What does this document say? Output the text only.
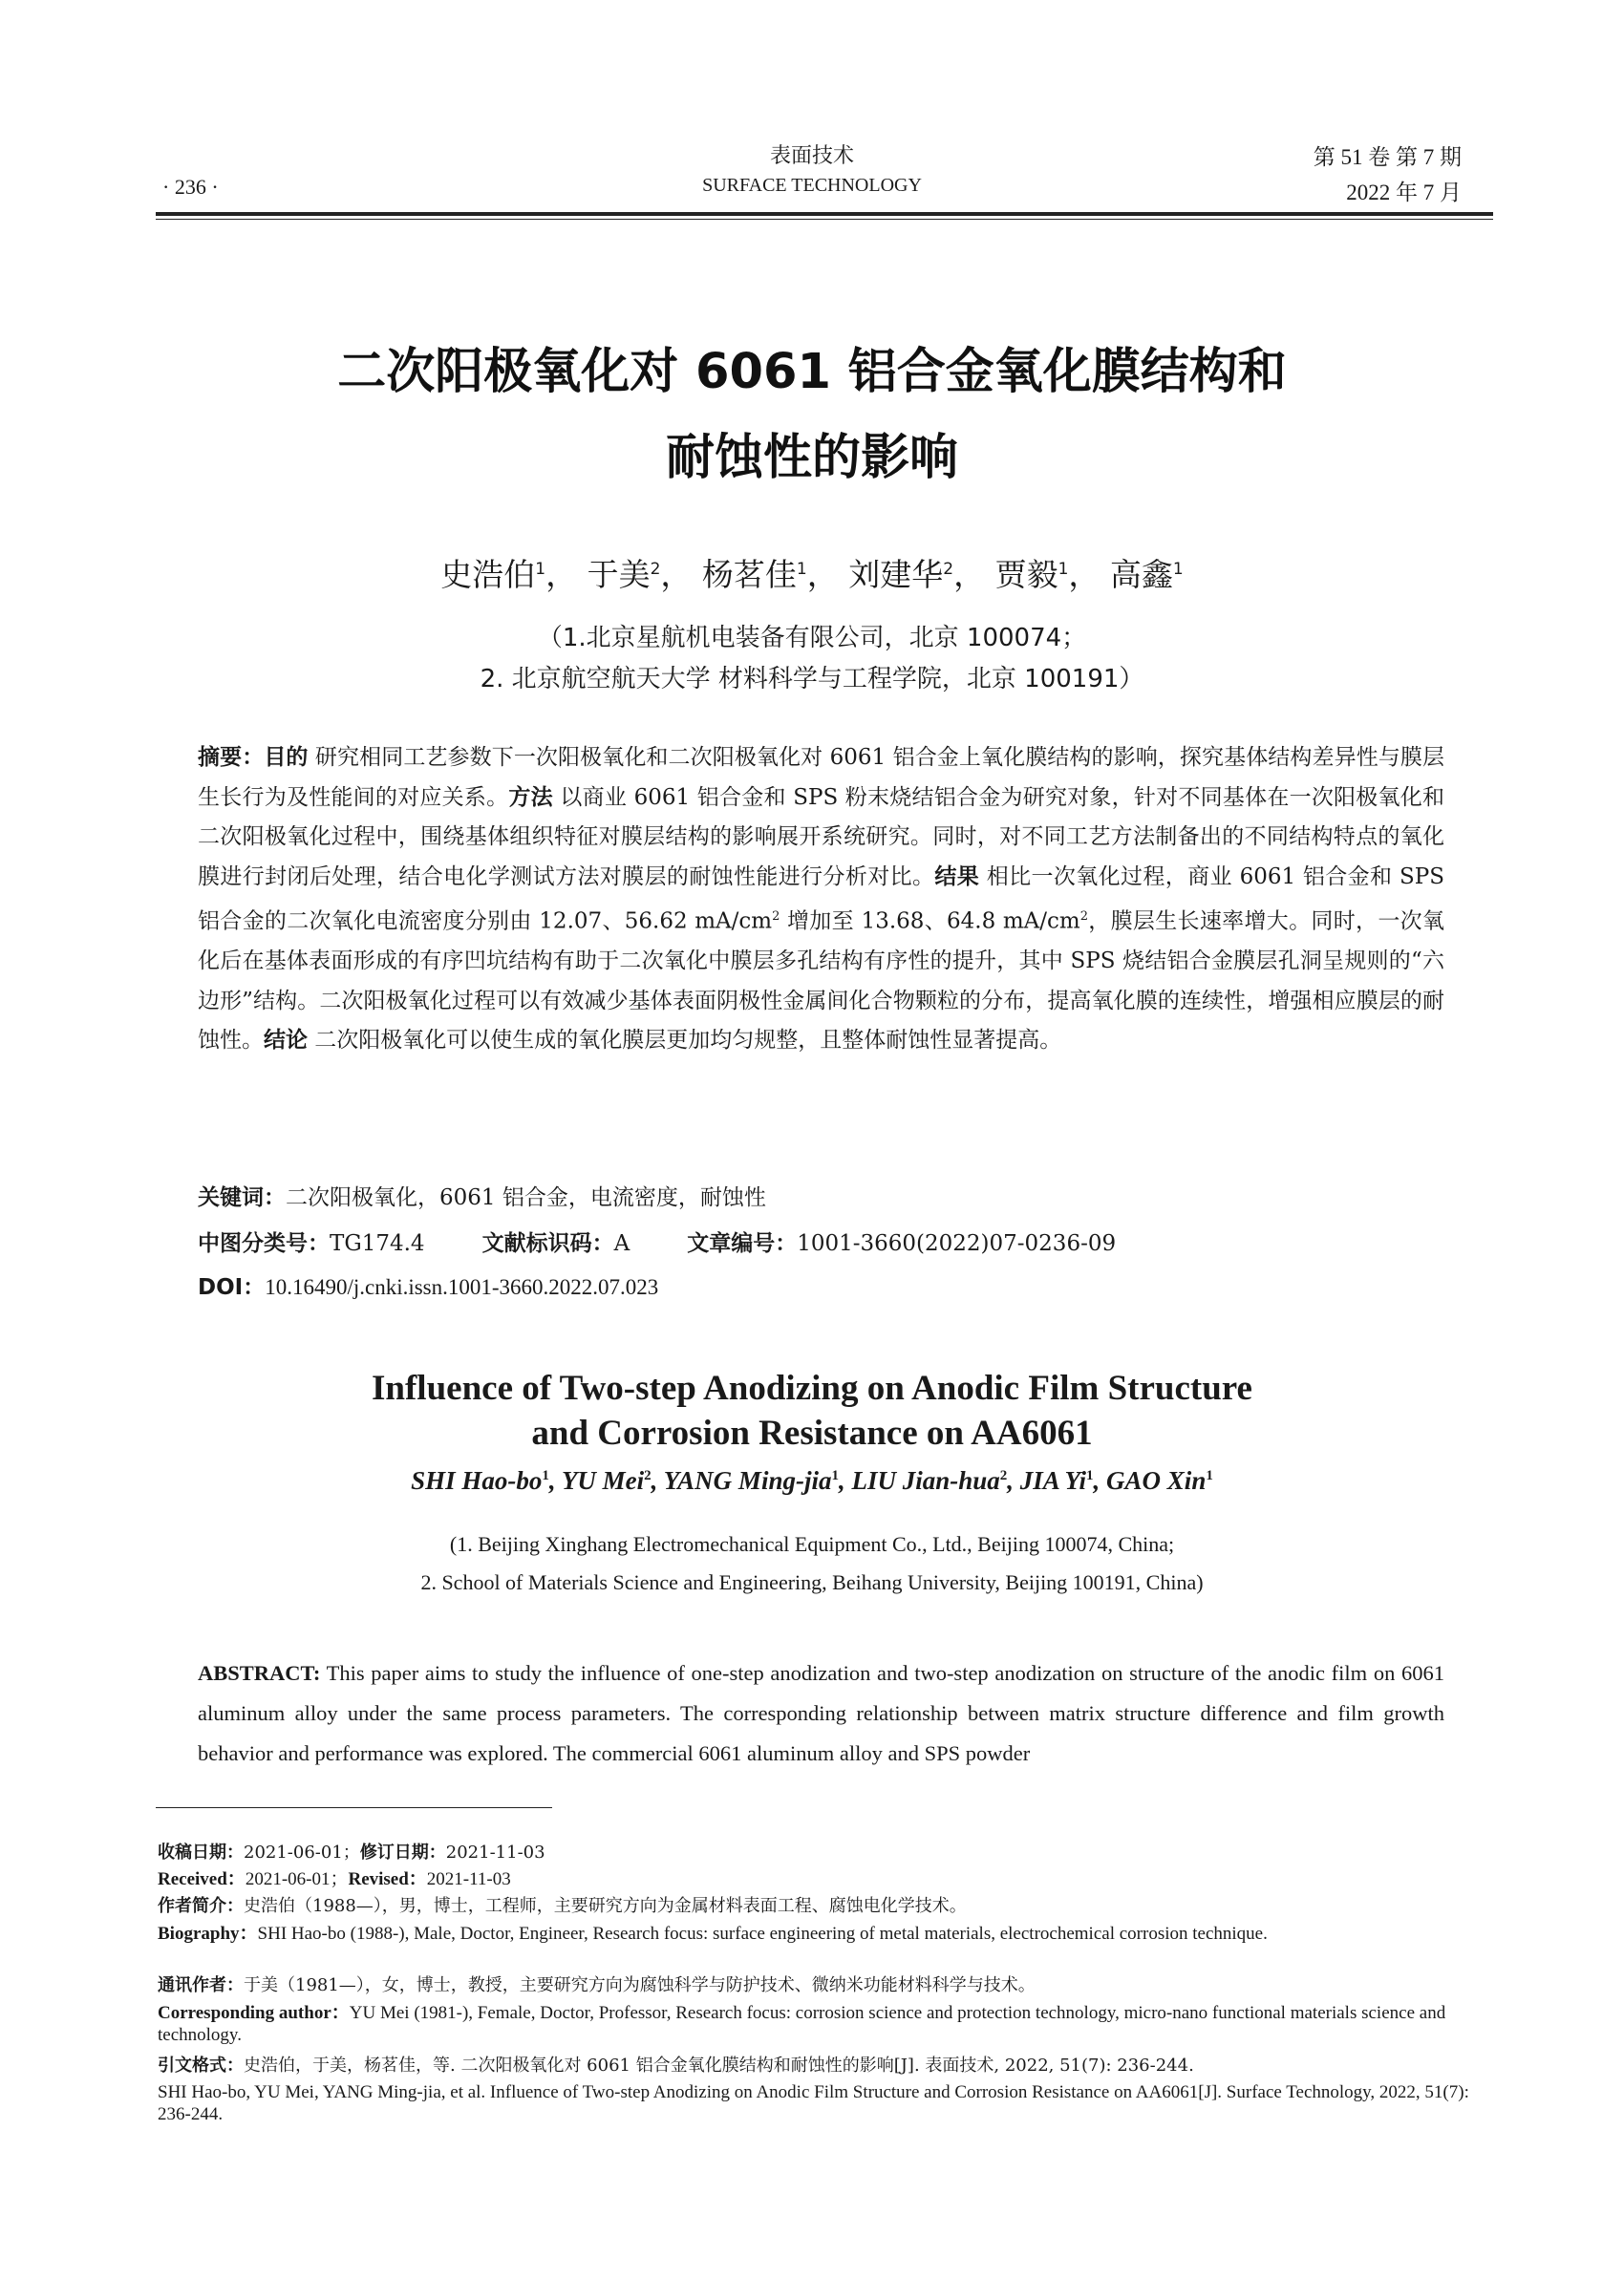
· 236 ·
表面技术
SURFACE TECHNOLOGY
第 51 卷 第 7 期
2022 年 7 月
二次阳极氧化对 6061 铝合金氧化膜结构和
耐蚀性的影响
史浩伯$^1$， 于美$^2$， 杨茗佳$^1$， 刘建华$^2$， 贾毅$^1$， 高鑫$^1$
（1.北京星航机电装备有限公司，北京 100074；
2. 北京航空航天大学 材料科学与工程学院，北京 100191）
摘要：目的 研究相同工艺参数下一次阳极氧化和二次阳极氧化对 6061 铝合金上氧化膜结构的影响，探究基体结构差异性与膜层生长行为及性能间的对应关系。方法 以商业 6061 铝合金和 SPS 粉末烧结铝合金为研究对象，针对不同基体在一次阳极氧化和二次阳极氧化过程中，围绕基体组织特征对膜层结构的影响展开系统研究。同时，对不同工艺方法制备出的不同结构特点的氧化膜进行封闭后处理，结合电化学测试方法对膜层的耐蚀性能进行分析对比。结果 相比一次氧化过程，商业 6061 铝合金和 SPS 铝合金的二次氧化电流密度分别由 12.07、56.62 $mA/cm^2$ 增加至 13.68、64.8 $mA/cm^2$，膜层生长速率增大。同时，一次氧化后在基体表面形成的有序凹坑结构有助于二次氧化中膜层多孔结构有序性的提升，其中 SPS 烧结铝合金膜层孔洞呈规则的“六边形”结构。二次阳极氧化过程可以有效减少基体表面阴极性金属间化合物颗粒的分布，提高氧化膜的连续性，增强相应膜层的耐蚀性。结论 二次阳极氧化可以使生成的氧化膜层更加均匀规整，且整体耐蚀性显著提高。
关键词：二次阳极氧化，6061 铝合金，电流密度，耐蚀性
中图分类号：TG174.4	文献标识码：A	文章编号：1001-3660(2022)07-0236-09
DOI：10.16490/j.cnki.issn.1001-3660.2022.07.023
Influence of Two-step Anodizing on Anodic Film Structure
and Corrosion Resistance on AA6061
SHI Hao-$bo^1$, YU Mei$^2$, YANG Ming-jia$^1$, LIU Jian-hua$^2$, JIA Yi$^1$, GAO Xin$^1$
(1. Beijing Xinghang Electromechanical Equipment Co., Ltd., Beijing 100074, China;
2. School of Materials Science and Engineering, Beihang University, Beijing 100191, China)
ABSTRACT: This paper aims to study the influence of one-step anodization and two-step anodization on structure of the anodic film on 6061 aluminum alloy under the same process parameters. The corresponding relationship between matrix structure difference and film growth behavior and performance was explored. The commercial 6061 aluminum alloy and SPS powder
收稿日期：2021-06-01；修订日期：2021-11-03
Received：2021-06-01；Revised：2021-11-03
作者简介：史浩伯（1988—），男，博士，工程师，主要研究方向为金属材料表面工程、腐蚀电化学技术。
Biography：SHI Hao-bo (1988-), Male, Doctor, Engineer, Research focus: surface engineering of metal materials, electrochemical corrosion technique.
通讯作者：于美（1981—），女，博士，教授，主要研究方向为腐蚀科学与防护技术、微纳米功能材料科学与技术。
Corresponding author：YU Mei (1981-), Female, Doctor, Professor, Research focus: corrosion science and protection technology, micro-nano functional materials science and technology.
引文格式：史浩伯，于美，杨茗佳，等. 二次阳极氧化对 6061 铝合金氧化膜结构和耐蚀性的影响[J]. 表面技术, 2022, 51(7): 236-244.
SHI Hao-bo, YU Mei, YANG Ming-jia, et al. Influence of Two-step Anodizing on Anodic Film Structure and Corrosion Resistance on AA6061[J]. Surface Technology, 2022, 51(7): 236-244.
